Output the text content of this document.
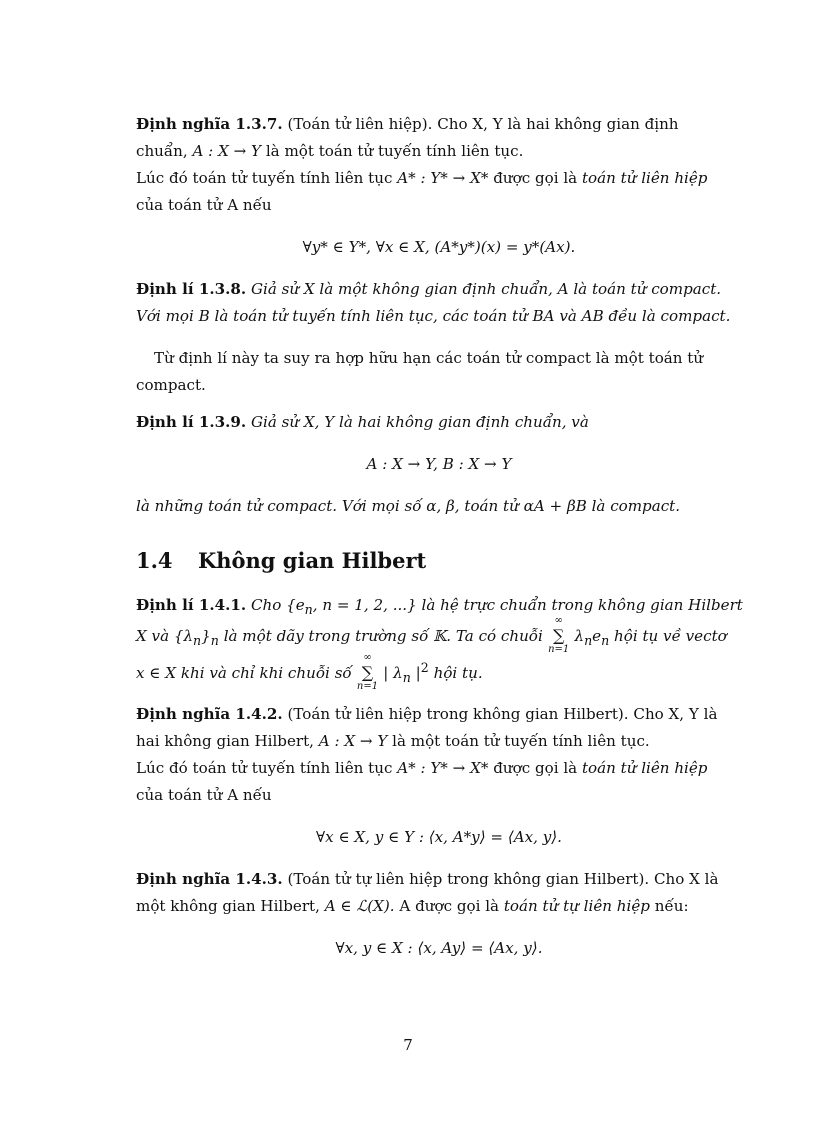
Định nghĩa 1.3.7. (Toán tử liên hiệp). Cho X, Y là hai không gian định
chuẩn, A : X → Y là một toán tử tuyến tính liên tục.
Lúc đó toán tử tuyến tính liên tục A* : Y* → X* được gọi là toán tử liên hiệp
của toán tử A nếu
∀y* ∈ Y*, ∀x ∈ X, (A*y*)(x) = y*(Ax).
Định lí 1.3.8. Giả sử X là một không gian định chuẩn, A là toán tử compact.
Với mọi B là toán tử tuyến tính liên tục, các toán tử BA và AB đều là compact.
Từ định lí này ta suy ra hợp hữu hạn các toán tử compact là một toán tử
compact.
Định lí 1.3.9. Giả sử X, Y là hai không gian định chuẩn, và
A : X → Y, B : X → Y
là những toán tử compact. Với mọi số α, β, toán tử αA + βB là compact.
1.4	Không gian Hilbert
Định lí 1.4.1. Cho {$e_n$, n = 1, 2, ...} là hệ trực chuẩn trong không gian Hilbert
X và $\{\lambda_n\}_n$ là một dãy trong trường số 𝕂. Ta có chuỗi
∞
∑
n=1
$\lambda_ne_n$ hội tụ về vectơ
x ∈ X khi và chỉ khi chuỗi số
∞
∑
n=1
| $\lambda_n$ $|^2$ hội tụ.
Định nghĩa 1.4.2. (Toán tử liên hiệp trong không gian Hilbert). Cho X, Y là
hai không gian Hilbert, A : X → Y là một toán tử tuyến tính liên tục.
Lúc đó toán tử tuyến tính liên tục A* : Y* → X* được gọi là toán tử liên hiệp
của toán tử A nếu
∀x ∈ X, y ∈ Y : ⟨x, A*y⟩ = ⟨Ax, y⟩.
Định nghĩa 1.4.3. (Toán tử tự liên hiệp trong không gian Hilbert). Cho X là
một không gian Hilbert, A ∈ ℒ(X). A được gọi là toán tử tự liên hiệp nếu:
∀x, y ∈ X : ⟨x, Ay⟩ = ⟨Ax, y⟩.
7
